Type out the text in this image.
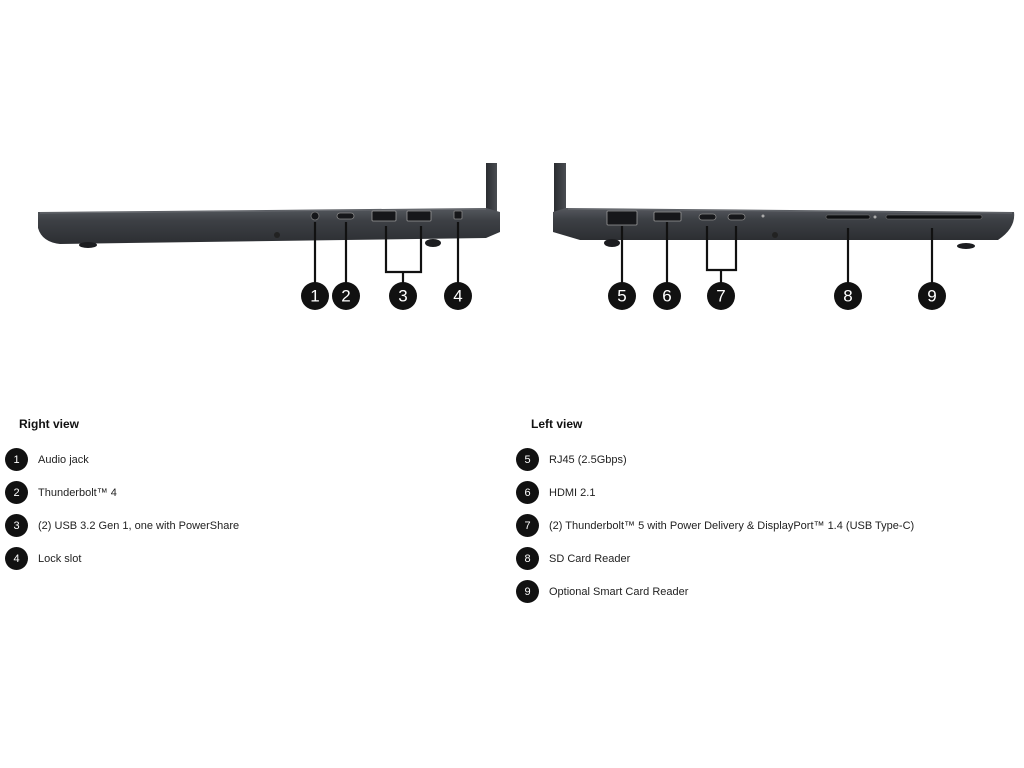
1 2	3	4	5 6	7	8	9
Right view
1	Audio jack
2	Thunderbolt™ 4
3	(2) USB 3.2 Gen 1, one with PowerShare
4	Lock slot
Left view
5	RJ45 (2.5Gbps)
6	HDMI 2.1
7	(2) Thunderbolt™ 5 with Power Delivery & DisplayPort™ 1.4 (USB Type-C)
8	SD Card Reader
9	Optional Smart Card Reader
